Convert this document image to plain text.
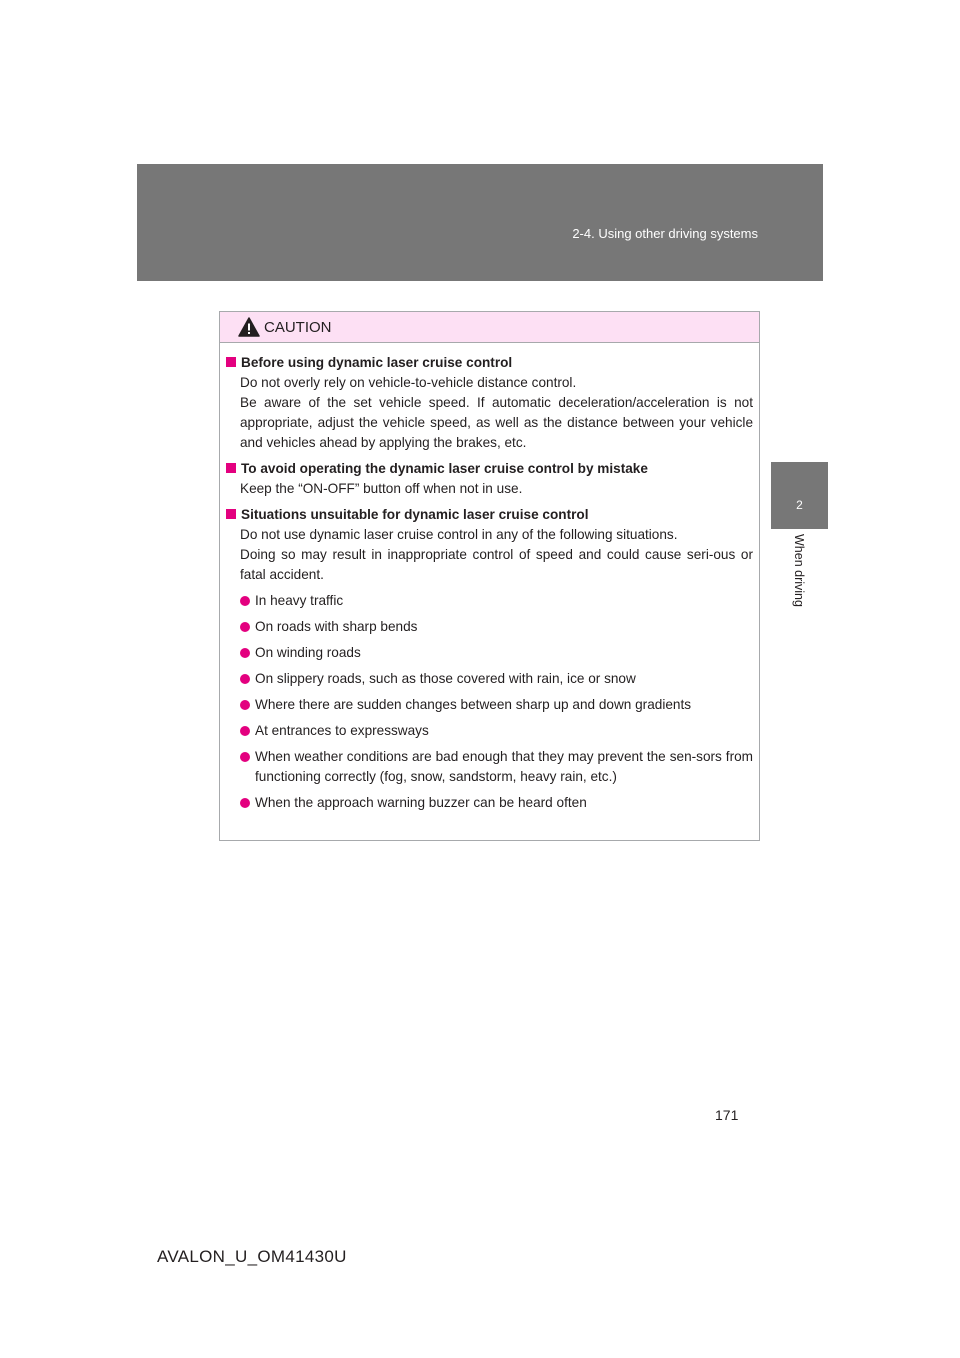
2-4. Using other driving systems
2
When driving
CAUTION
Before using dynamic laser cruise control

Do not overly rely on vehicle-to-vehicle distance control.

Be aware of the set vehicle speed. If automatic deceleration/acceleration is not appropriate, adjust the vehicle speed, as well as the distance between your vehicle and vehicles ahead by applying the brakes, etc.

To avoid operating the dynamic laser cruise control by mistake

Keep the “ON-OFF” button off when not in use.

Situations unsuitable for dynamic laser cruise control

Do not use dynamic laser cruise control in any of the following situations.

Doing so may result in inappropriate control of speed and could cause seri-ous or fatal accident.

In heavy traffic
On roads with sharp bends
On winding roads
On slippery roads, such as those covered with rain, ice or snow
Where there are sudden changes between sharp up and down gradients
At entrances to expressways
When weather conditions are bad enough that they may prevent the sen-sors from functioning correctly (fog, snow, sandstorm, heavy rain, etc.)
When the approach warning buzzer can be heard often
171
AVALON_U_OM41430U
